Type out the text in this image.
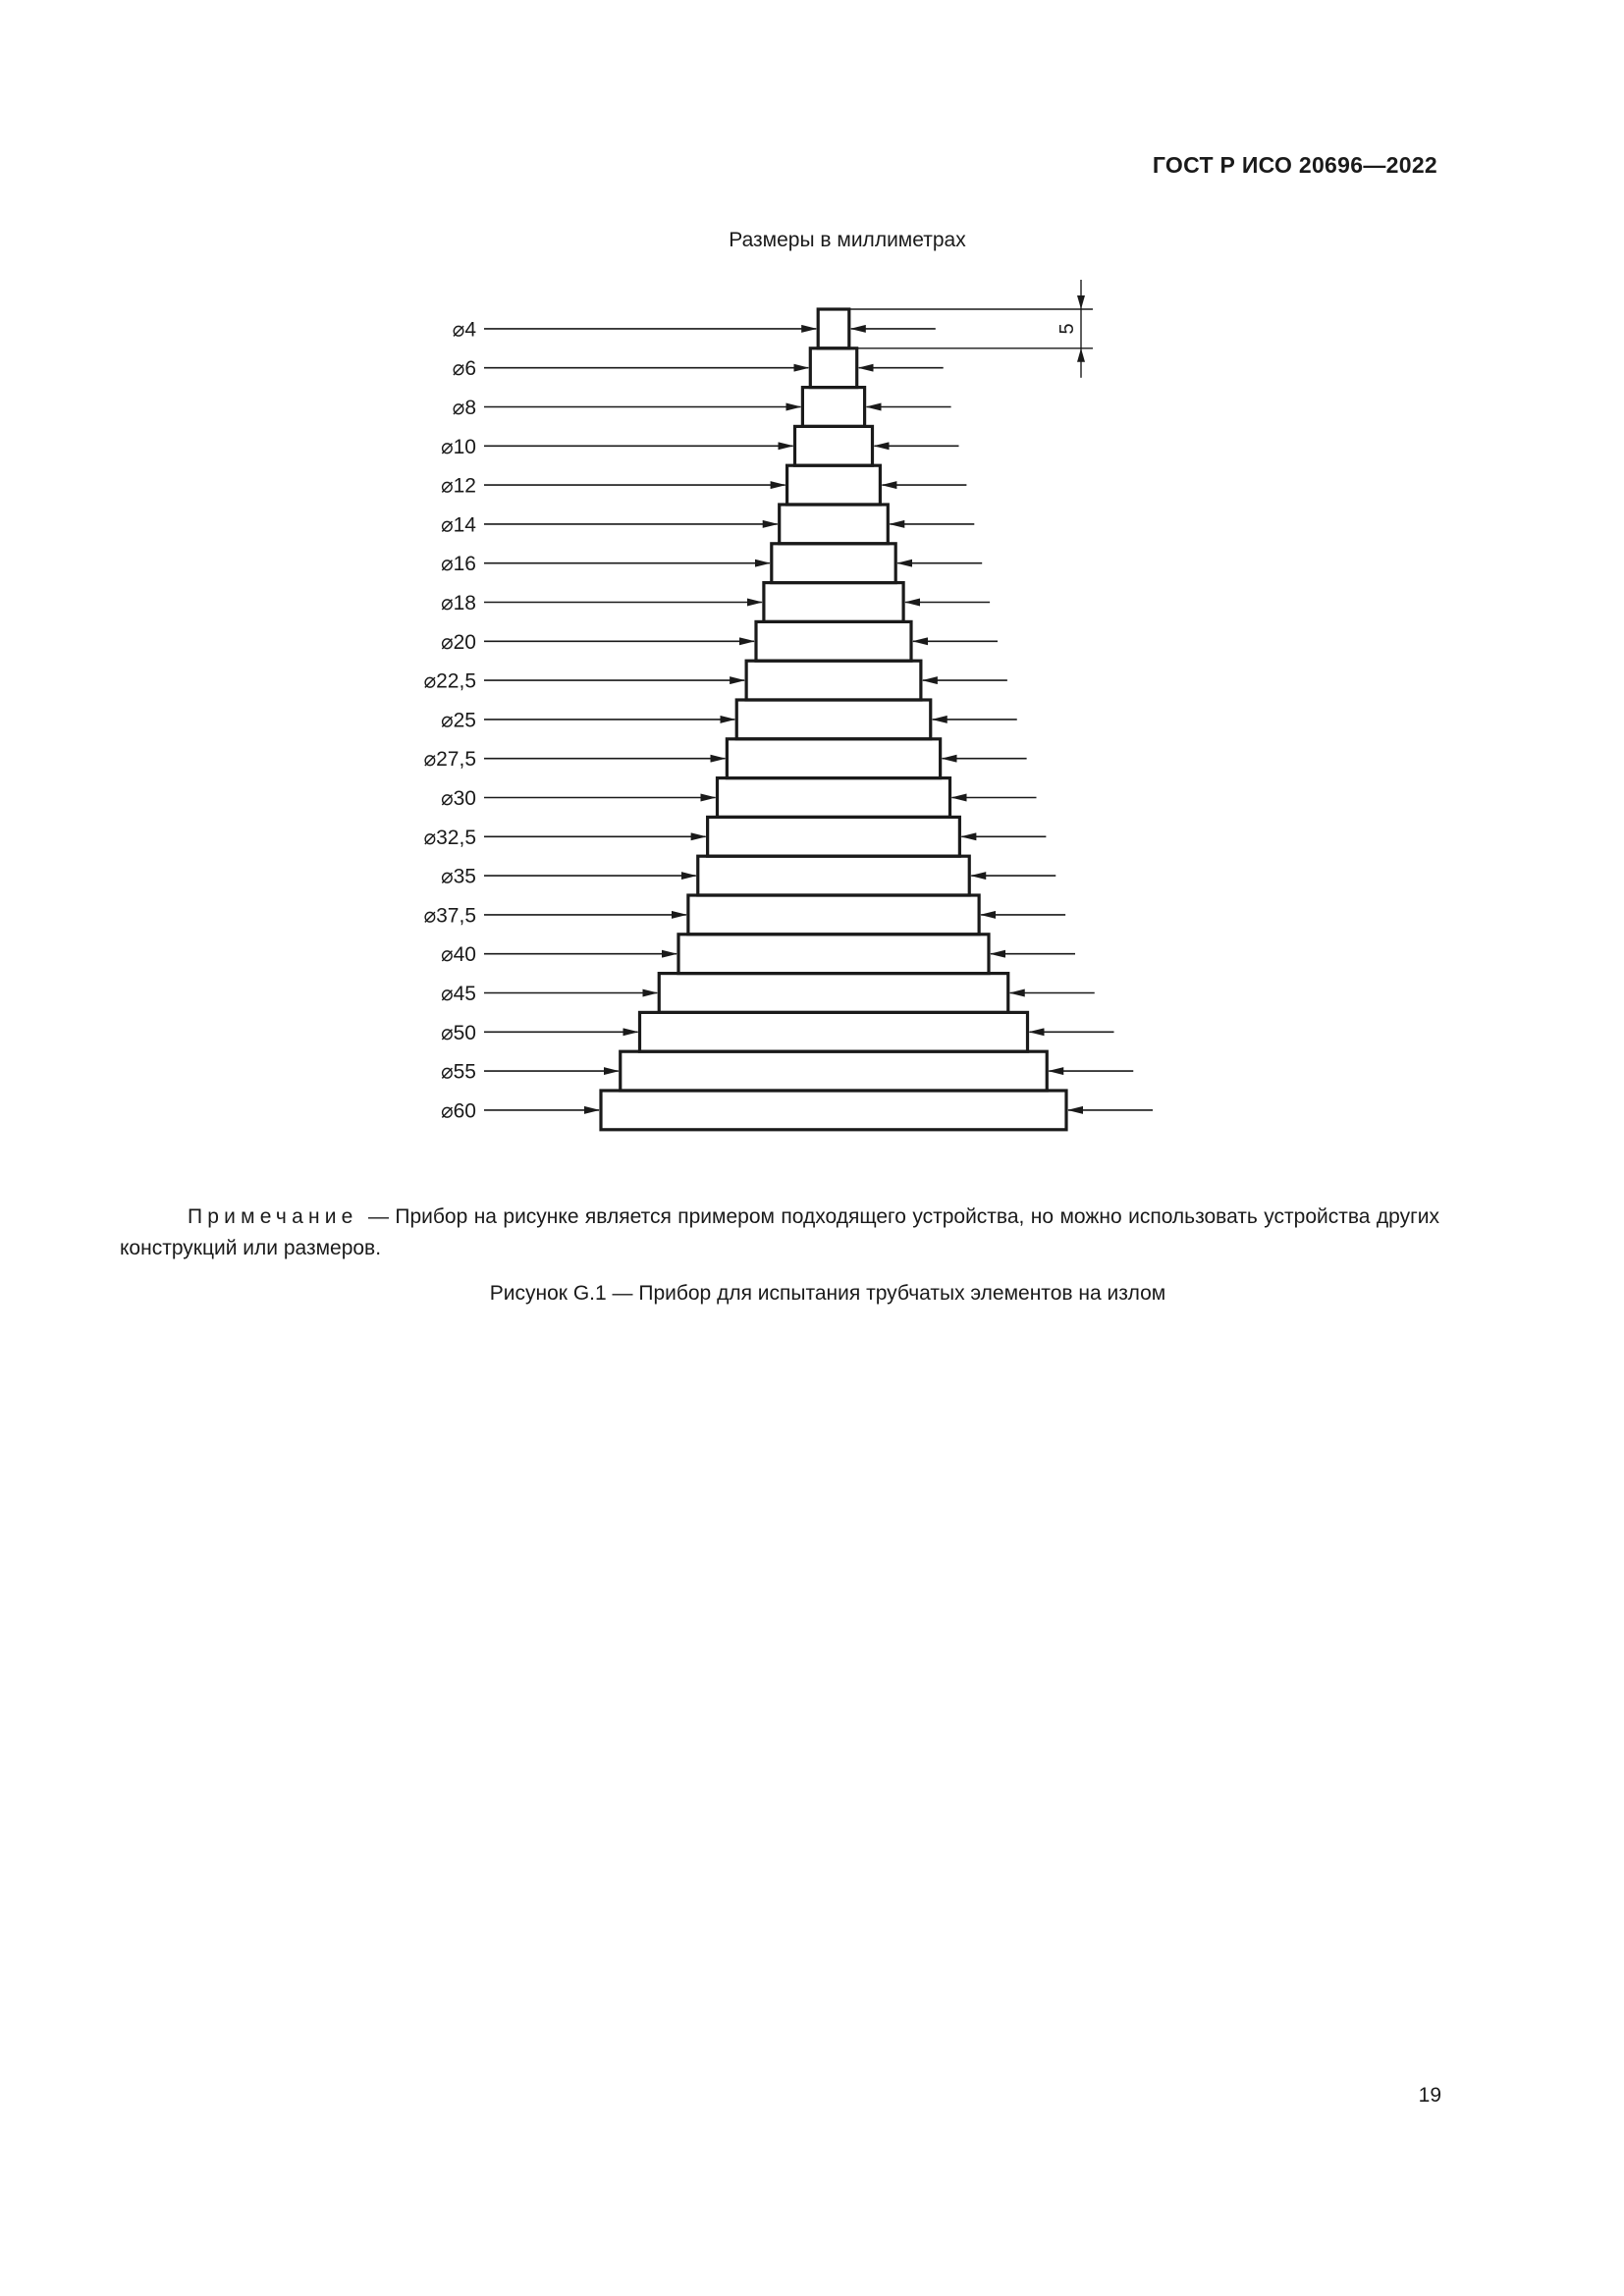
ГОСТ Р ИСО 20696—2022
Размеры в миллиметрах
⌀4
⌀6
⌀8
⌀10
⌀12
⌀14
⌀16
⌀18
⌀20
⌀22,5
⌀25
⌀27,5
⌀30
⌀32,5
⌀35
⌀37,5
⌀40
⌀45
⌀50
⌀55
⌀60
5
Примечание — Прибор на рисунке является примером подходящего устройства, но можно использовать устройства других конструкций или размеров.
Рисунок G.1 — Прибор для испытания трубчатых элементов на излом
19
